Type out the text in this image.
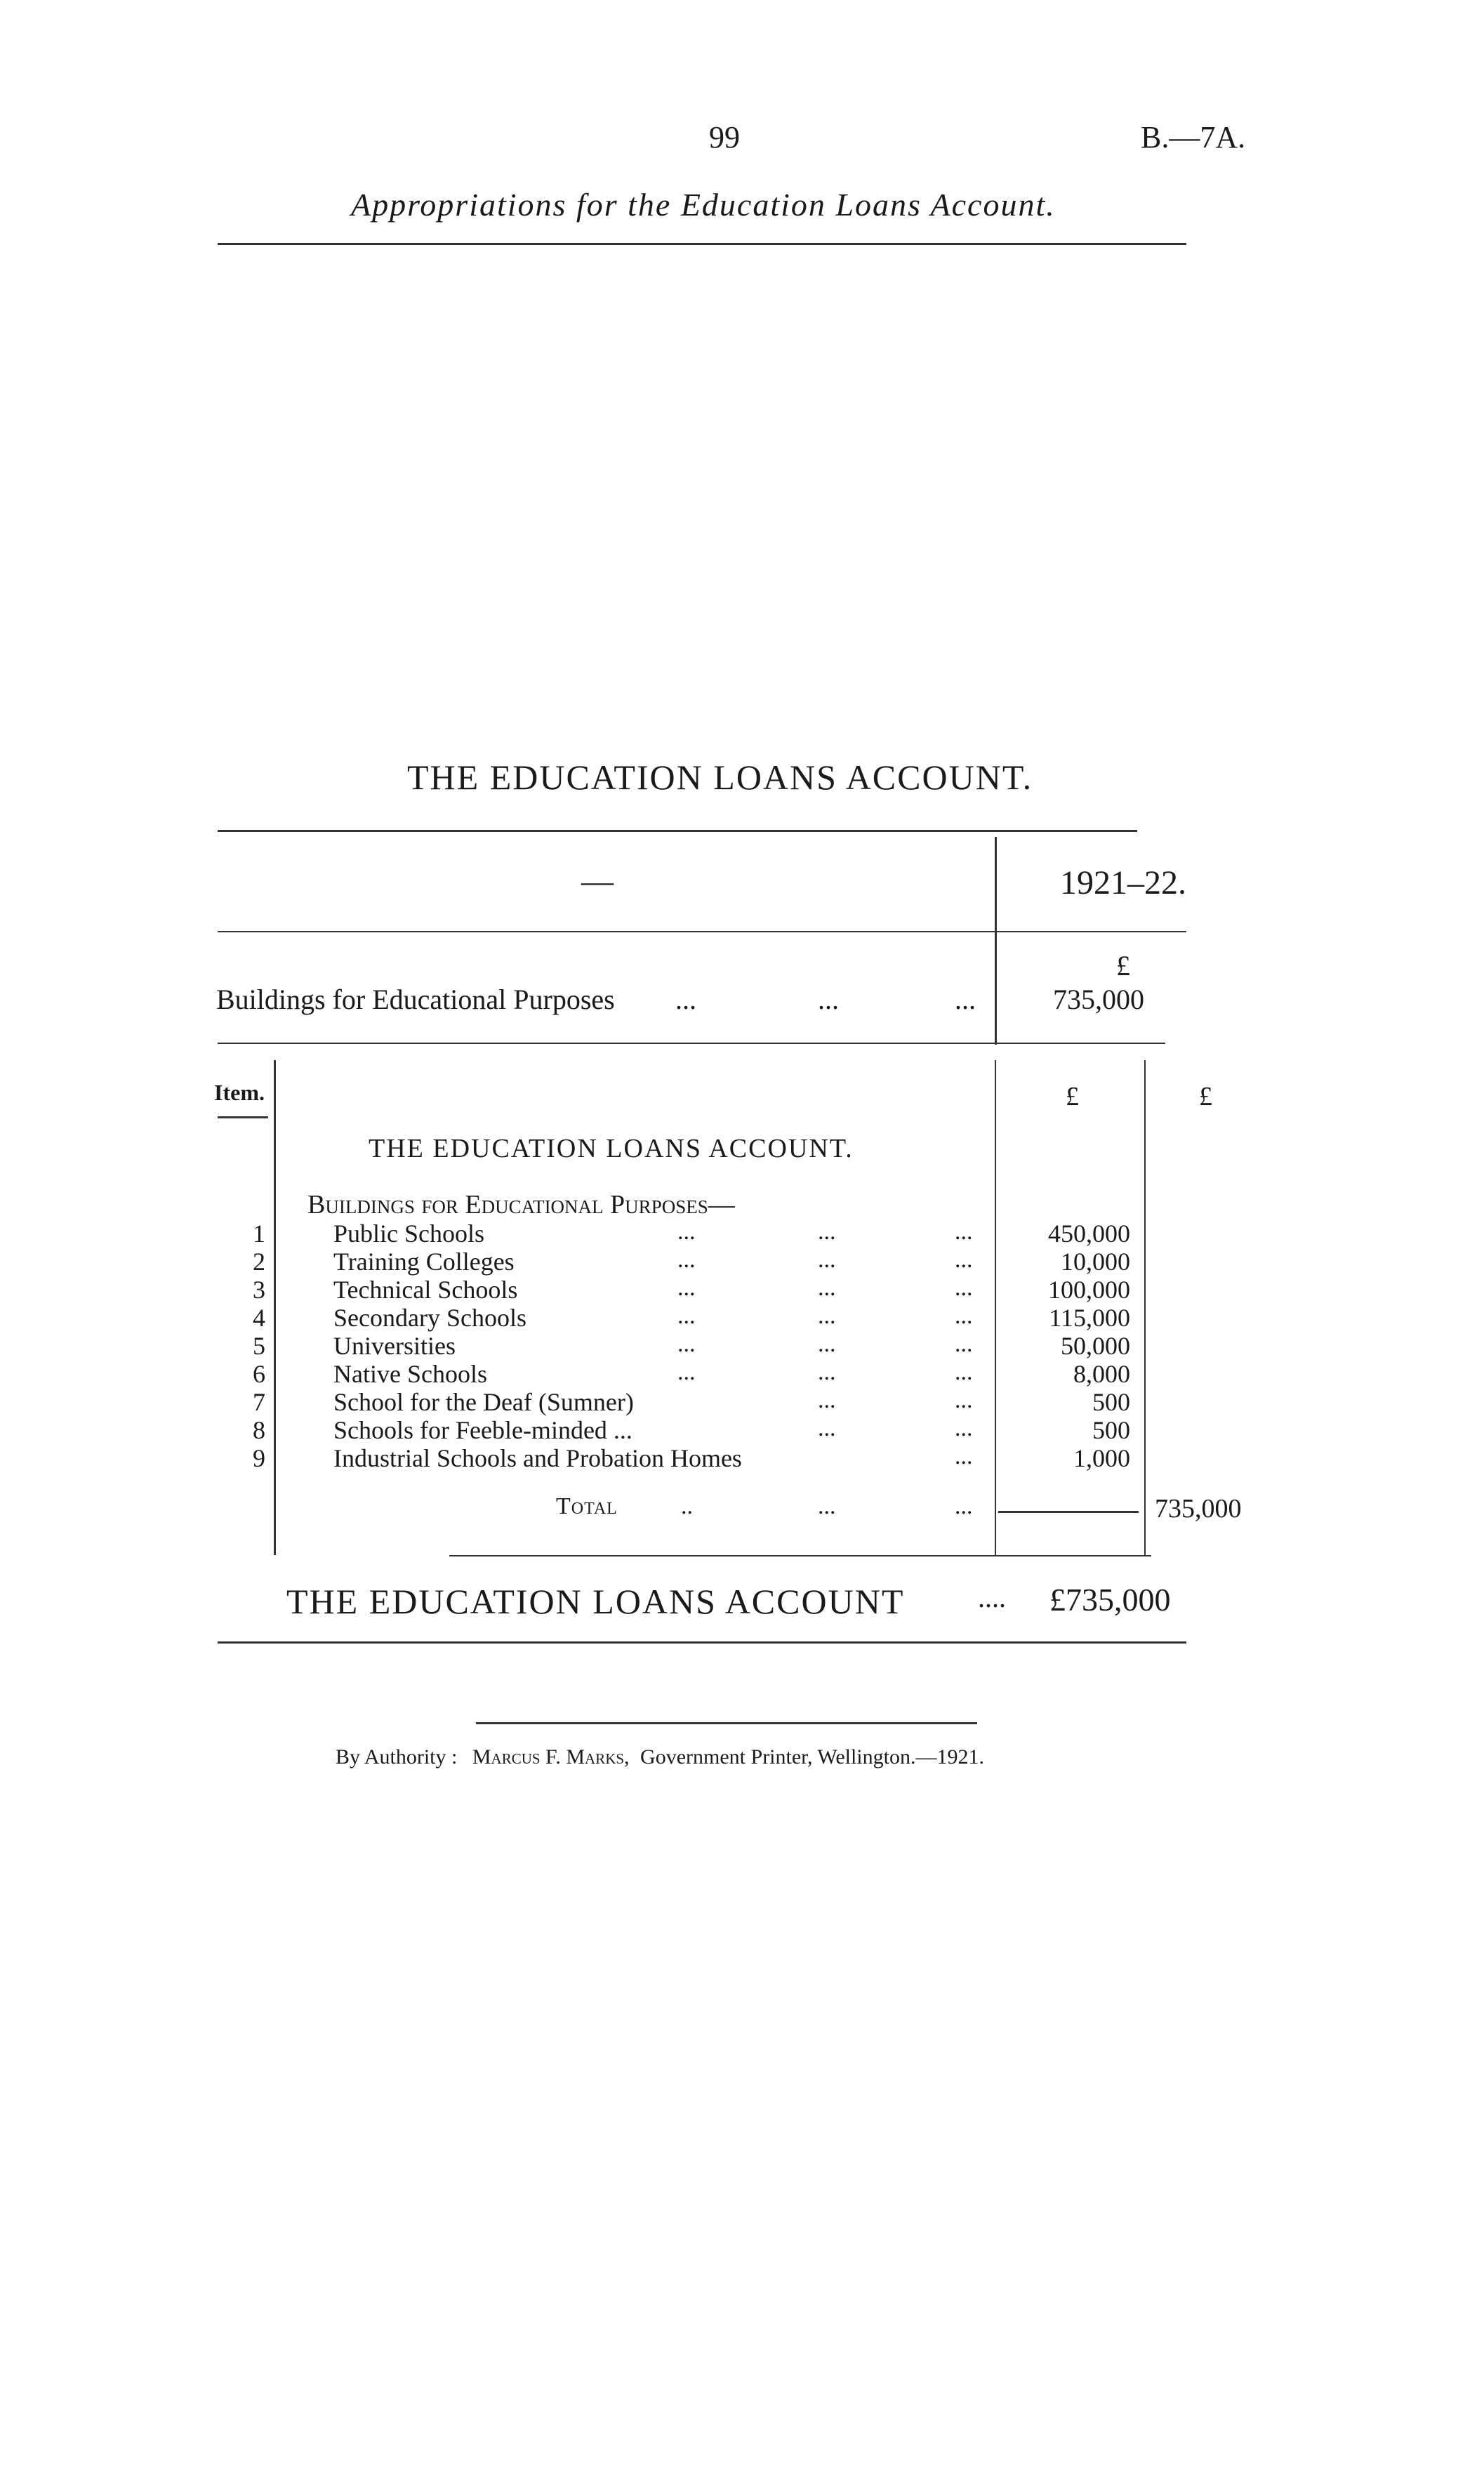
99	B.—7A.
Appropriations for the Education Loans Account.
THE EDUCATION LOANS ACCOUNT.
—	1921–22.
£
Buildings for Educational Purposes ...	...	...	735,000
Item.	£	£
THE EDUCATION LOANS ACCOUNT.
Buildings for Educational Purposes—
1	Public Schools	...	...	...	450,000
2	Training Colleges	...	...	...	10,000
3	Technical Schools	...	...	...	100,000
4	Secondary Schools	...	...	...	115,000
5	Universities	...	...	...	50,000
6	Native Schools	...	...	...	8,000
7	School for the Deaf (Sumner)	...	...	500
8	Schools for Feeble-minded ...	...	...	500
9	Industrial Schools and Probation Homes	...	1,000
Total	..	...	...	735,000
THE EDUCATION LOANS ACCOUNT	.... £735,000
By Authority : Marcus F. Marks, Government Printer, Wellington.—1921.
